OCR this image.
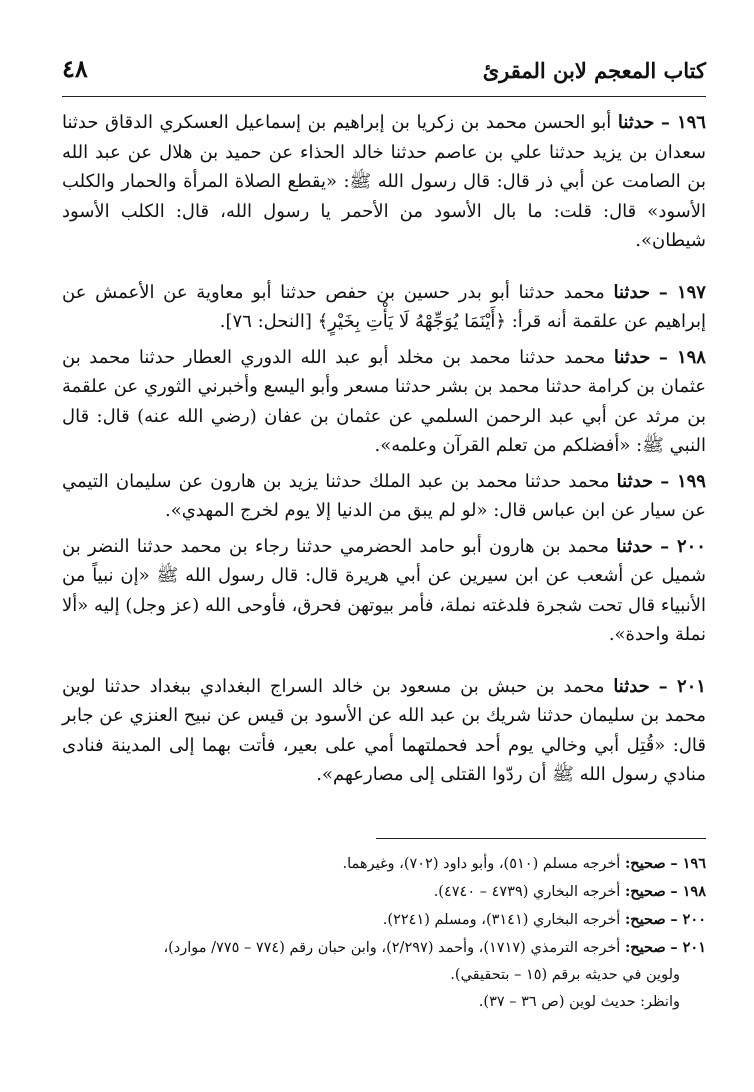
كتاب المعجم لابن المقرئ
٤٨

١٩٦ – حدثنا أبو الحسن محمد بن زكريا بن إبراهيم بن إسماعيل العسكري الدقاق حدثنا سعدان بن يزيد حدثنا علي بن عاصم حدثنا خالد الحذاء عن حميد بن هلال عن عبد الله بن الصامت عن أبي ذر قال: قال رسول الله ﷺ: «يقطع الصلاة المرأة والحمار والكلب الأسود» قال: قلت: ما بال الأسود من الأحمر يا رسول الله، قال: الكلب الأسود شيطان».

١٩٧ – حدثنا محمد حدثنا أبو بدر حسين بن حفص حدثنا أبو معاوية عن الأعمش عن إبراهيم عن علقمة أنه قرأ: ﴿أَيْنَمَا يُوَجِّهْهُ لَا يَأْتِ بِخَيْرٍ﴾ [النحل: ٧٦].

١٩٨ – حدثنا محمد حدثنا محمد بن مخلد أبو عبد الله الدوري العطار حدثنا محمد بن عثمان بن كرامة حدثنا محمد بن بشر حدثنا مسعر وأبو اليسع وأخبرني الثوري عن علقمة بن مرثد عن أبي عبد الرحمن السلمي عن عثمان بن عفان (رضي الله عنه) قال: قال النبي ﷺ: «أفضلكم من تعلم القرآن وعلمه».

١٩٩ – حدثنا محمد حدثنا محمد بن عبد الملك حدثنا يزيد بن هارون عن سليمان التيمي عن سيار عن ابن عباس قال: «لو لم يبق من الدنيا إلا يوم لخرج المهدي».

٢٠٠ – حدثنا محمد بن هارون أبو حامد الحضرمي حدثنا رجاء بن محمد حدثنا النضر بن شميل عن أشعب عن ابن سيرين عن أبي هريرة قال: قال رسول الله ﷺ «إن نبياً من الأنبياء قال تحت شجرة فلدغته نملة، فأمر بيوتهن فحرق، فأوحى الله (عز وجل) إليه «ألا نملة واحدة».

٢٠١ – حدثنا محمد بن حبش بن مسعود بن خالد السراج البغدادي ببغداد حدثنا لوين محمد بن سليمان حدثنا شريك بن عبد الله عن الأسود بن قيس عن نبيح العنزي عن جابر قال: «قُتِل أبي وخالي يوم أحد فحملتهما أمي على بعير، فأتت بهما إلى المدينة فنادى منادي رسول الله ﷺ أن ردّوا القتلى إلى مصارعهم».

١٩٦ – صحيح: أخرجه مسلم (٥١٠)، وأبو داود (٧٠٢)، وغيرهما.

١٩٨ – صحيح: أخرجه البخاري (٤٧٣٩ – ٤٧٤٠).

٢٠٠ – صحيح: أخرجه البخاري (٣١٤١)، ومسلم (٢٢٤١).

٢٠١ – صحيح: أخرجه الترمذي (١٧١٧)، وأحمد (٢/٢٩٧)، وابن حبان رقم (٧٧٤ – ٧٧٥/ موارد)،

ولوين في حديثه برقم (١٥ – بتحقيقي).

وانظر: حديث لوين (ص ٣٦ – ٣٧).
